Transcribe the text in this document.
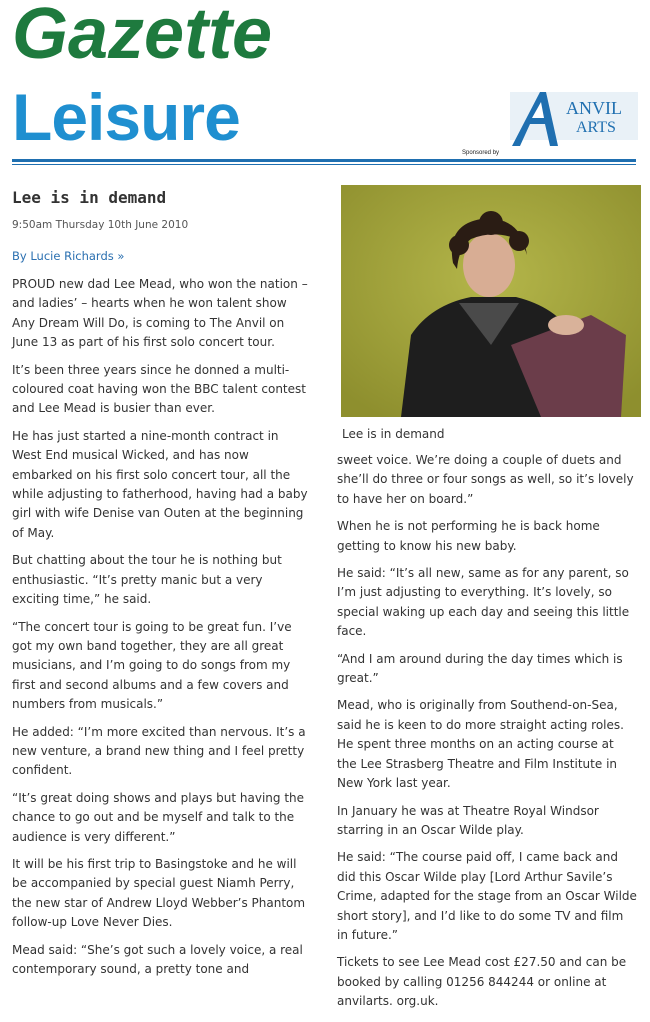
Gazette
Leisure	ANVIL
ARTS
Sponsored by
Lee is in demand
9:50am Thursday 10th June 2010
By Lucie Richards »

PROUD new dad Lee Mead, who won the nation – and ladies’ – hearts when he won talent show Any Dream Will Do, is coming to The Anvil on June 13 as part of his first solo concert tour.

It’s been three years since he donned a multi-coloured coat having won the BBC talent contest and Lee Mead is busier than ever.

He has just started a nine-month contract in West End musical Wicked, and has now embarked on his first solo concert tour, all the while adjusting to fatherhood, having had a baby girl with wife Denise van Outen at the beginning of May.

But chatting about the tour he is nothing but enthusiastic. “It’s pretty manic but a very exciting time,” he said.

“The concert tour is going to be great fun. I’ve got my own band together, they are all great musicians, and I’m going to do songs from my first and second albums and a few covers and numbers from musicals.”

He added: “I’m more excited than nervous. It’s a new venture, a brand new thing and I feel pretty confident.

“It’s great doing shows and plays but having the chance to go out and be myself and talk to the audience is very different.”

It will be his first trip to Basingstoke and he will be accompanied by special guest Niamh Perry, the new star of Andrew Lloyd Webber’s Phantom follow-up Love Never Dies.

Mead said: “She’s got such a lovely voice, a real contemporary sound, a pretty tone and

Lee is in demand

sweet voice. We’re doing a couple of duets and she’ll do three or four songs as well, so it’s lovely to have her on board.”

When he is not performing he is back home getting to know his new baby.

He said: “It’s all new, same as for any parent, so I’m just adjusting to everything. It’s lovely, so special waking up each day and seeing this little face.

“And I am around during the day times which is great.”

Mead, who is originally from Southend-on-Sea, said he is keen to do more straight acting roles. He spent three months on an acting course at the Lee Strasberg Theatre and Film Institute in New York last year.

In January he was at Theatre Royal Windsor starring in an Oscar Wilde play.

He said: “The course paid off, I came back and did this Oscar Wilde play [Lord Arthur Savile’s Crime, adapted for the stage from an Oscar Wilde short story], and I’d like to do some TV and film in future.”

Tickets to see Lee Mead cost £27.50 and can be booked by calling 01256 844244 or online at anvilarts. org.uk.
